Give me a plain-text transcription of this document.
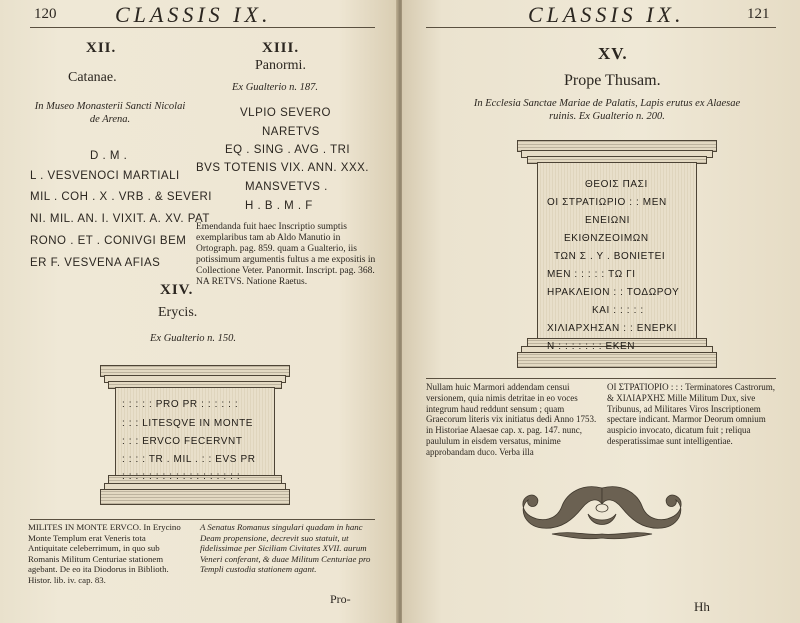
120	CLASSIS IX.
XII.
Catanae.
In Museo Monasterii Sancti Nicolai de Arena.
D . M .
L . VESVENOCI MARTIALI
MIL . COH . X . VRB . & SEVERI
NI. MIL. AN. I. VIXIT. A. XV. PAT
RONO . ET . CONIVGI BEM
ER F. VESVENA AFIAS
XIII.
Panormi.
Ex Gualterio n. 187.
VLPIO SEVERO
NARETVS
EQ . SING . AVG . TRI
BVS TOTENIS VIX. ANN. XXX.
MANSVETVS .
H . B . M . F
Emendanda fuit haec Inscriptio sumptis exemplaribus tam ab Aldo Manutio in Ortograph. pag. 859. quam a Gualterio, iis potissimum argumentis fultus a me expositis in Collectione Veter. Panormit. Inscript. pag. 368. NA RETVS. Natione Raetus.
XIV.
Erycis.
Ex Gualterio n. 150.
: : : : : PRO PR : : : : : :
: : : LITESQVE IN MONTE
: : : ERVCO FECERVNT
: : : : TR . MIL . : : EVS PR
: : : : : : : : : : : : : : : : : :
MILITES IN MONTE ERVCO. In Erycino Monte Templum erat Veneris tota Antiquitate celeberrimum, in quo sub Romanis Militum Centuriae stationem agebant. De eo ita Diodorus in Biblioth. Histor. lib. iv. cap. 83.
A Senatus Romanus singulari quadam in hanc Deam propensione, decrevit suo statuit, ut fidelissimae per Siciliam Civitates XVII. aurum Veneri conferant, & duae Militum Centuriae pro Templi custodia stationem agant.
Pro-
CLASSIS IX.	121
XV.
Prope Thusam.
In Ecclesia Sanctae Mariae de Palatis, Lapis erutus ex Alaesae ruinis. Ex Gualterio n. 200.
ΘΕΟΙΣ ΠΑΣΙ
ΟΙ ΣΤΡΑΤΙΩΡΙΟ : : MEN
ΕΝΕΙΩΝΙ
ΕΚΙΘΝΖΕΟΙΜΩΝ
ΤΩΝ Σ . Υ . ΒΟΝΙΕΤΕΙ
MEN : : : : : ΤΩ ΓΙ
ΗΡΑΚΛΕΙΟΝ : : ΤΟΔΩΡΟΥ
ΚΑΙ : : : : :
ΧΙΛΙΑΡΧΗΣΑΝ : : ΕΝΕΡΚΙ
N : : : : : : : ΕΚΕΝ
Nullam huic Marmori addendam censui versionem, quia nimis detritae in eo voces integrum haud reddunt sensum ; quam Graecorum literis vix initiatus dedi Anno 1753. in Historiae Alaesae cap. x. pag. 147. nunc, paululum in eisdem versatus, minime approbandam duco. Verba illa
ΟΙ ΣΤΡΑΤΙΟΡΙΟ : : : Terminatores Castrorum, & ΧΙΛΙΑΡΧΗΣ Mille Militum Dux, sive Tribunus, ad Militares Viros Inscriptionem spectare indicant. Marmor Deorum omnium auspicio invocato, dicatum fuit ; reliqua desperatissimae sunt intelligentiae.
Hh
